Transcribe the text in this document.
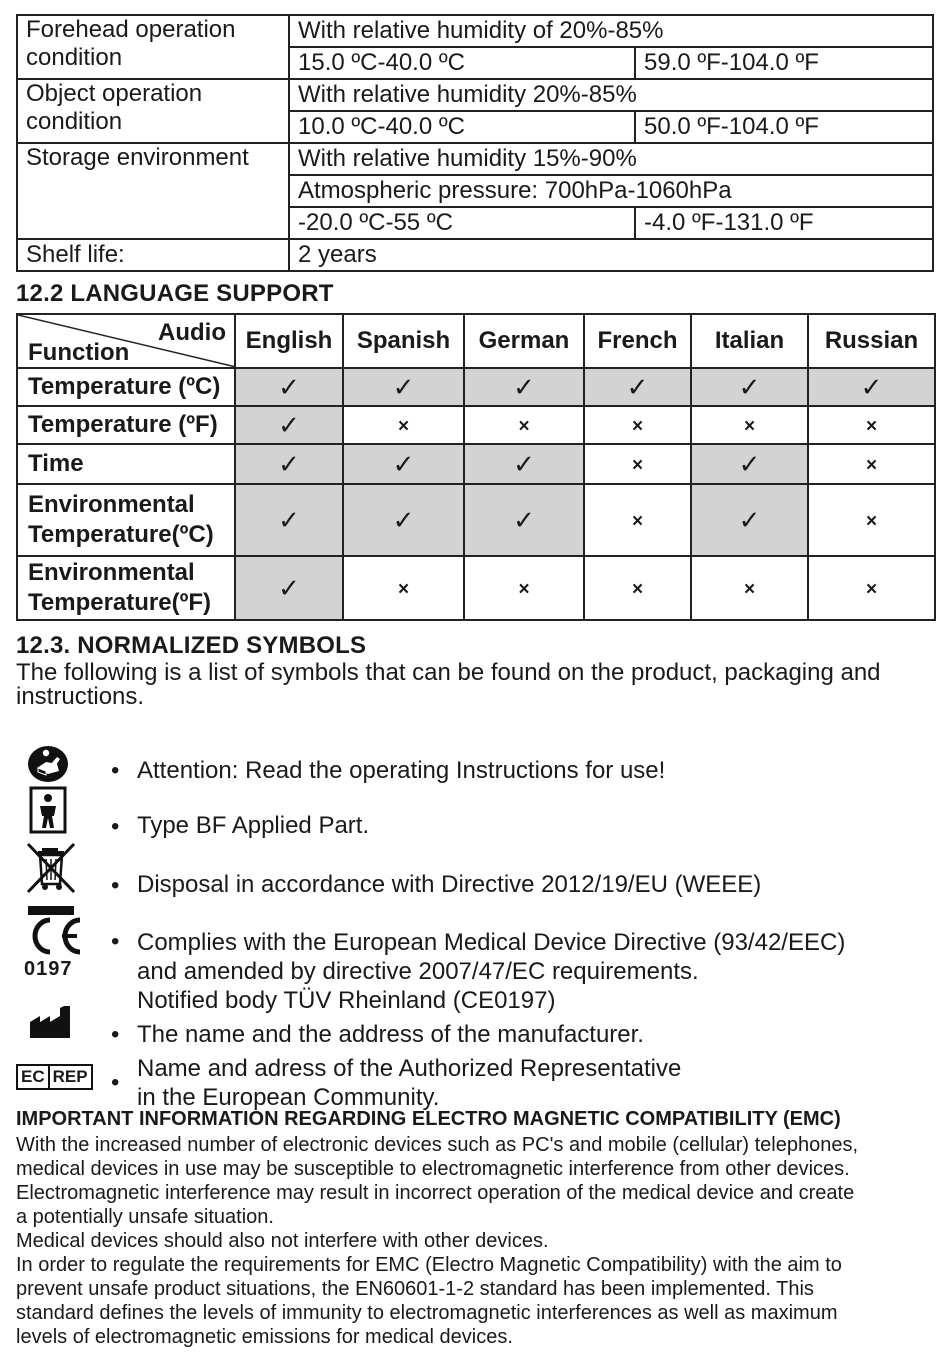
Forehead operation
condition	With relative humidity of 20%-85%	
	15.0 ºC-40.0 ºC	59.0 ºF-104.0 ºF
Object operation
condition	With relative humidity 20%-85%	
	10.0 ºC-40.0 ºC	50.0 ºF-104.0 ºF
Storage environment	With relative humidity 15%-90%	
	Atmospheric pressure: 700hPa-1060hPa	
	-20.0 ºC-55 ºC	-4.0 ºF-131.0 ºF
Shelf life:	2 years	
12.2 LANGUAGE SUPPORT
Audio
Function	English	Spanish	German	French	Italian	Russian
Temperature (ºC)	✓	✓	✓	✓	✓	✓
Temperature (ºF)	✓	×	×	×	×	×
Time	✓	✓	✓	×	✓	×
Environmental
Temperature(ºC)	✓	✓	✓	×	✓	×
Environmental
Temperature(ºF)	✓	×	×	×	×	×
12.3. NORMALIZED SYMBOLS

The following is a list of symbols that can be found on the product, packaging and
instructions.

• Attention: Read the operating Instructions for use!
• Type BF Applied Part.
• Disposal in accordance with Directive 2012/19/EU (WEEE)
0197
• Complies with the European Medical Device Directive (93/42/EEC)
and amended by directive 2007/47/EC requirements.
Notified body TÜV Rheinland (CE0197)
• The name and the address of the manufacturer.
EC REP •
Name and adress of the Authorized Representative
in the European Community.
IMPORTANT INFORMATION REGARDING ELECTRO MAGNETIC COMPATIBILITY (EMC)

With the increased number of electronic devices such as PC's and mobile (cellular) telephones,

medical devices in use may be susceptible to electromagnetic interference from other devices.

Electromagnetic interference may result in incorrect operation of the medical device and create

a potentially unsafe situation.

Medical devices should also not interfere with other devices.

In order to regulate the requirements for EMC (Electro Magnetic Compatibility) with the aim to

prevent unsafe product situations, the EN60601-1-2 standard has been implemented. This

standard defines the levels of immunity to electromagnetic interferences as well as maximum

levels of electromagnetic emissions for medical devices.
